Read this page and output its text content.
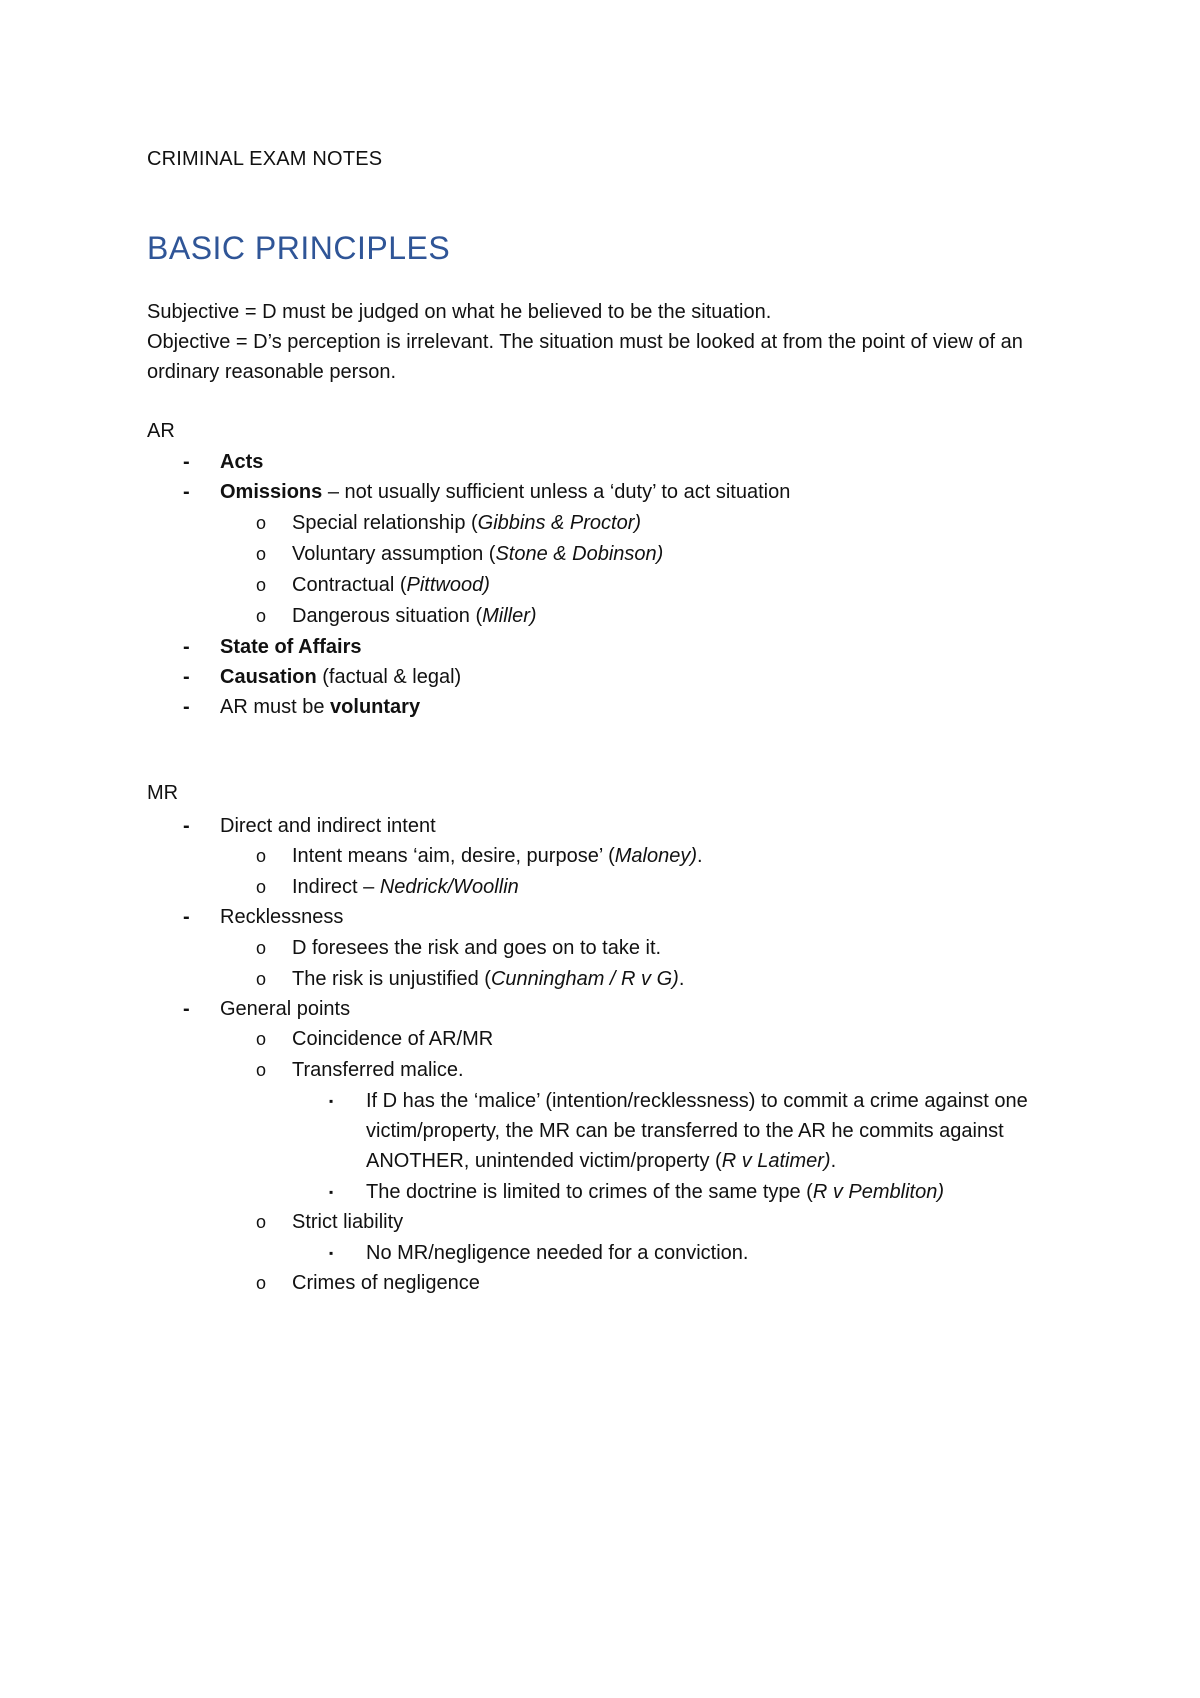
CRIMINAL EXAM NOTES
BASIC PRINCIPLES
Subjective = D must be judged on what he believed to be the situation.
Objective = D’s perception is irrelevant. The situation must be looked at from the point of view of an ordinary reasonable person.
AR
- Acts
- Omissions – not usually sufficient unless a ‘duty’ to act situation
o Special relationship (Gibbins & Proctor)
o Voluntary assumption (Stone & Dobinson)
o Contractual (Pittwood)
o Dangerous situation (Miller)
- State of Affairs
- Causation (factual & legal)
- AR must be voluntary
MR
- Direct and indirect intent
o Intent means ‘aim, desire, purpose’ (Maloney).
o Indirect – Nedrick/Woollin
- Recklessness
o D foresees the risk and goes on to take it.
o The risk is unjustified (Cunningham / R v G).
- General points
o Coincidence of AR/MR
o Transferred malice.
▪ If D has the ‘malice’ (intention/recklessness) to commit a crime against one victim/property, the MR can be transferred to the AR he commits against ANOTHER, unintended victim/property (R v Latimer).
▪ The doctrine is limited to crimes of the same type (R v Pembliton)
o Strict liability
▪ No MR/negligence needed for a conviction.
o Crimes of negligence
